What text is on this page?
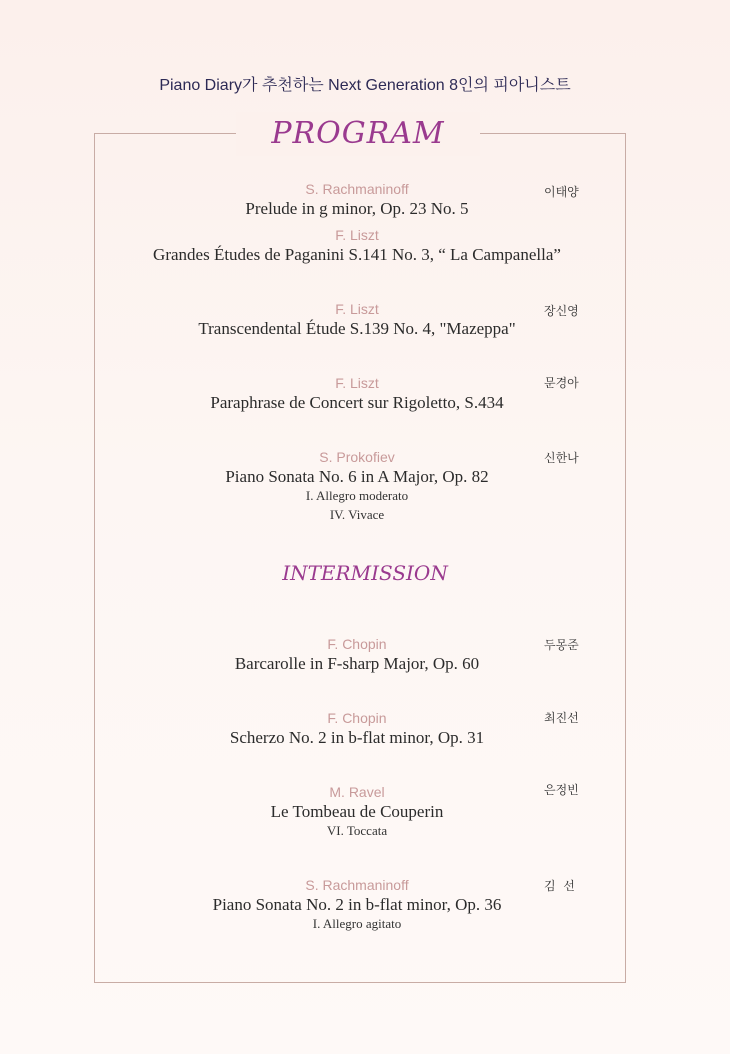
Piano Diary가 추천하는 Next Generation 8인의 피아니스트
PROGRAM
S. Rachmaninoff
Prelude in g minor, Op. 23 No. 5
이태양
F. Liszt
Grandes Études de Paganini S.141 No. 3, “ La Campanella”
F. Liszt
Transcendental Étude S.139 No. 4, "Mazeppa"
장신영
F. Liszt
Paraphrase de Concert sur Rigoletto, S.434
문경아
S. Prokofiev
Piano Sonata No. 6 in A Major, Op. 82
I. Allegro moderato
IV. Vivace
신한나
INTERMISSION
F. Chopin
Barcarolle in F-sharp Major, Op. 60
두몽준
F. Chopin
Scherzo No. 2 in b-flat minor, Op. 31
최진선
M. Ravel
Le Tombeau de Couperin
VI. Toccata
은정빈
S. Rachmaninoff
Piano Sonata No. 2 in b-flat minor, Op. 36
I. Allegro agitato
김  선
